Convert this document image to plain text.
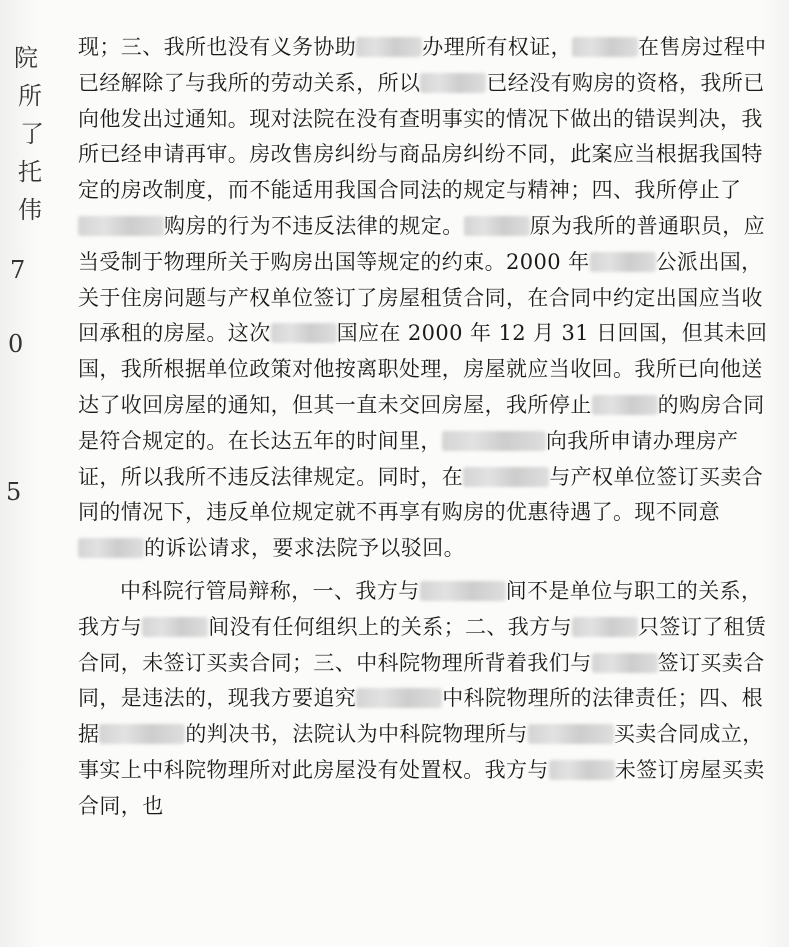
院
所
了
托
伟
7
0
5

现；三、我所也没有义务协助	办理所有权证，	在售房过程中已经解除了与我所的劳动关系，所以	已经没有购房的资格，我所已向他发出过通知。现对法院在没有查明事实的情况下做出的错误判决，我所已经申请再审。房改售房纠纷与商品房纠纷不同，此案应当根据我国特定的房改制度，而不能适用我国合同法的规定与精神；四、我所停止了购房的行为不违反法律的规定。	原为我所的普通职员，应当受制于物理所关于购房出国等规定的约束。2000 年	公派出国，关于住房问题与产权单位签订了房屋租赁合同，在合同中约定出国应当收回承租的房屋。这次	国应在 2000 年 12 月 31 日回国，但其未回国，我所根据单位政策对他按离职处理，房屋就应当收回。我所已向他送达了收回房屋的通知，但其一直未交回房屋，我所停止	的购房合同是符合规定的。在长达五年的时间里，	向我所申请办理房产证，所以我所不违反法律规定。同时，在	与产权单位签订买卖合同的情况下，违反单位规定就不再享有购房的优惠待遇了。现不同意的诉讼请求，要求法院予以驳回。

中科院行管局辩称，一、我方与	间不是单位与职工的关系，我方与	间没有任何组织上的关系；二、我方与	只签订了租赁合同，未签订买卖合同；三、中科院物理所背着我们与	签订买卖合同，是违法的，现我方要追究	中科院物理所的法律责任；四、根据	的判决书，法院认为中科院物理所与	买卖合同成立，事实上中科院物理所对此房屋没有处置权。我方与	未签订房屋买卖合同，也
